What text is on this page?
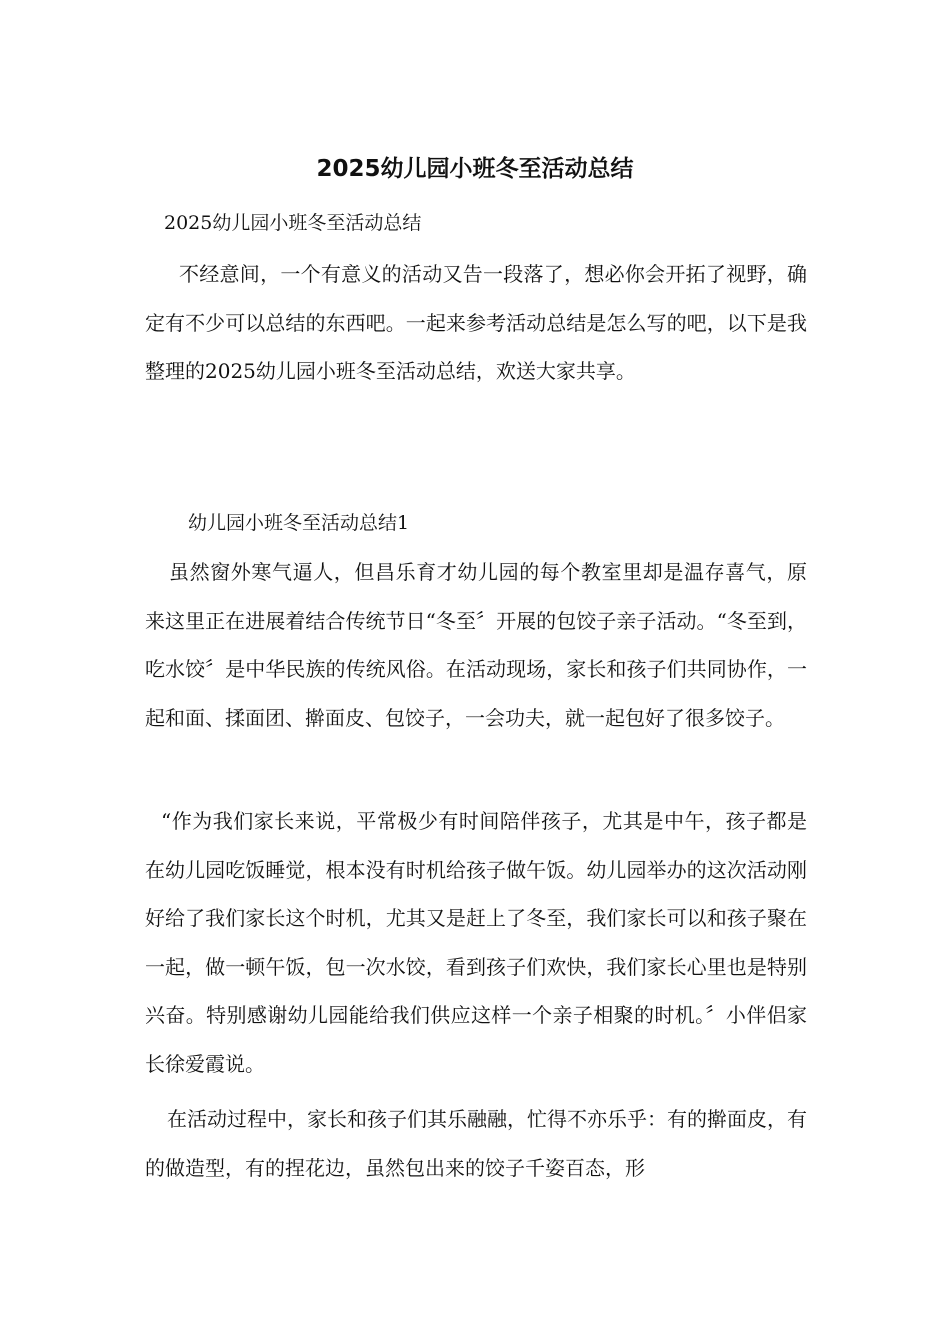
2025幼儿园小班冬至活动总结

2025幼儿园小班冬至活动总结

不经意间，一个有意义的活动又告一段落了，想必你会开拓了视野，确定有不少可以总结的东西吧。一起来参考活动总结是怎么写的吧，以下是我整理的2025幼儿园小班冬至活动总结，欢送大家共享。

幼儿园小班冬至活动总结1

虽然窗外寒气逼人，但昌乐育才幼儿园的每个教室里却是温存喜气，原来这里正在进展着结合传统节日“冬至〞开展的包饺子亲子活动。“冬至到，吃水饺〞是中华民族的传统风俗。在活动现场，家长和孩子们共同协作，一起和面、揉面团、擀面皮、包饺子，一会功夫，就一起包好了很多饺子。

“作为我们家长来说，平常极少有时间陪伴孩子，尤其是中午，孩子都是在幼儿园吃饭睡觉，根本没有时机给孩子做午饭。幼儿园举办的这次活动刚好给了我们家长这个时机，尤其又是赶上了冬至，我们家长可以和孩子聚在一起，做一顿午饭，包一次水饺，看到孩子们欢快，我们家长心里也是特别兴奋。特别感谢幼儿园能给我们供应这样一个亲子相聚的时机。〞小伴侣家长徐爱霞说。

在活动过程中，家长和孩子们其乐融融，忙得不亦乐乎：有的擀面皮，有的做造型，有的捏花边，虽然包出来的饺子千姿百态，形
